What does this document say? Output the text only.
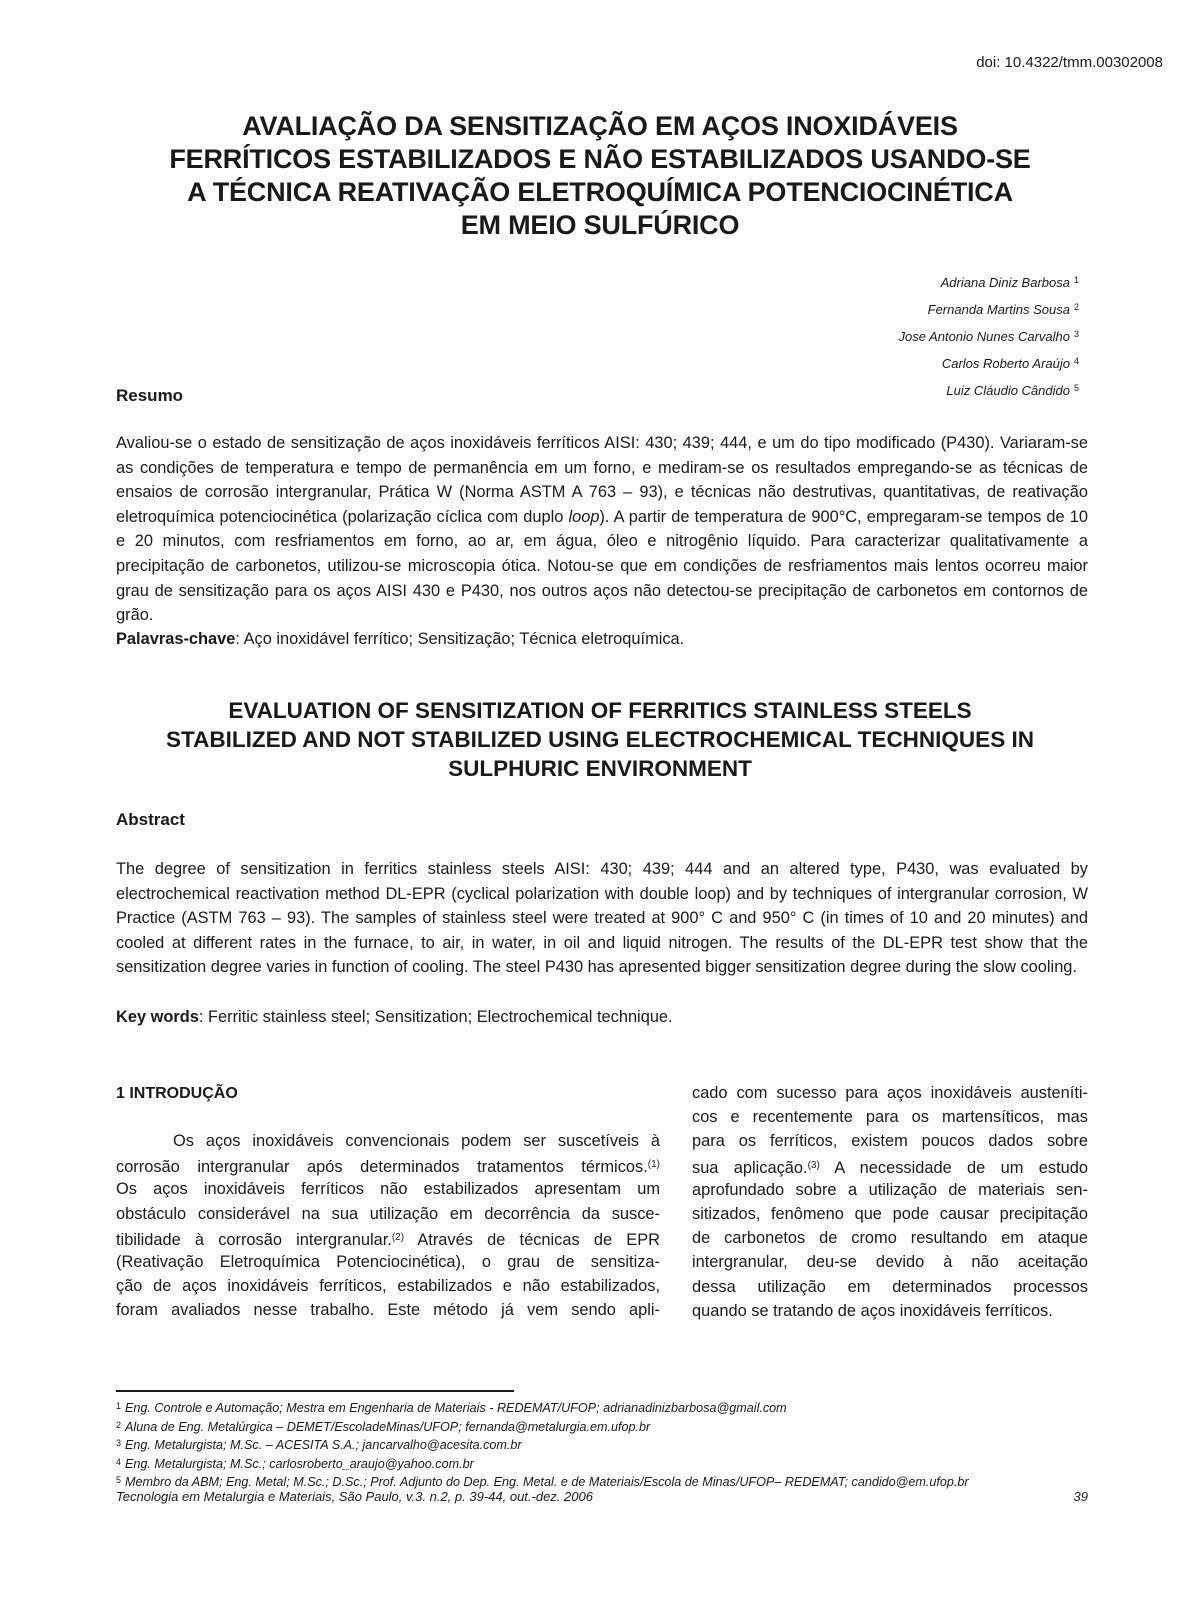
doi: 10.4322/tmm.00302008
AVALIAÇÃO DA SENSITIZAÇÃO EM AÇOS INOXIDÁVEIS
FERRÍTICOS ESTABILIZADOS E NÃO ESTABILIZADOS USANDO-SE
A TÉCNICA REATIVAÇÃO ELETROQUÍMICA POTENCIOCINÉTICA
EM MEIO SULFÚRICO
Adriana Diniz Barbosa $^1$
Fernanda Martins Sousa $^2$
Jose Antonio Nunes Carvalho $^3$
Carlos Roberto Araújo $^4$
Luiz Cláudio Cândido $^5$
Resumo
Avaliou-se o estado de sensitização de aços inoxidáveis ferríticos AISI: 430; 439; 444, e um do tipo modificado (P430). Variaram-se as condições de temperatura e tempo de permanência em um forno, e mediram-se os resultados empregando-se as técnicas de ensaios de corrosão intergranular, Prática W (Norma ASTM A 763 – 93), e técnicas não destrutivas, quantitativas, de reativação eletroquímica potenciocinética (polarização cíclica com duplo loop). A partir de temperatura de 900°C, empregaram-se tempos de 10 e 20 minutos, com resfriamentos em forno, ao ar, em água, óleo e nitrogênio líquido. Para caracterizar qualitativamente a precipitação de carbonetos, utilizou-se microscopia ótica. Notou-se que em condições de resfriamentos mais lentos ocorreu maior grau de sensitização para os aços AISI 430 e P430, nos outros aços não detectou-se precipitação de carbonetos em contornos de grão.
Palavras-chave: Aço inoxidável ferrítico; Sensitização; Técnica eletroquímica.
EVALUATION OF SENSITIZATION OF FERRITICS STAINLESS STEELS
STABILIZED AND NOT STABILIZED USING ELECTROCHEMICAL TECHNIQUES IN
SULPHURIC ENVIRONMENT
Abstract
The degree of sensitization in ferritics stainless steels AISI: 430; 439; 444 and an altered type, P430, was evaluated by electrochemical reactivation method DL-EPR (cyclical polarization with double loop) and by techniques of intergranular corrosion, W Practice (ASTM 763 – 93). The samples of stainless steel were treated at 900° C and 950° C (in times of 10 and 20 minutes) and cooled at different rates in the furnace, to air, in water, in oil and liquid nitrogen. The results of the DL-EPR test show that the sensitization degree varies in function of cooling. The steel P430 has apresented bigger sensitization degree during the slow cooling.
Key words: Ferritic stainless steel; Sensitization; Electrochemical technique.
1 INTRODUÇÃO
Os aços inoxidáveis convencionais podem ser suscetíveis à
corrosão intergranular após determinados tratamentos térmicos.$^{(1)}$
Os aços inoxidáveis ferríticos não estabilizados apresentam um
obstáculo considerável na sua utilização em decorrência da susce-
tibilidade à corrosão intergranular.$^{(2)}$ Através de técnicas de EPR
(Reativação Eletroquímica Potenciocinética), o grau de sensitiza-
ção de aços inoxidáveis ferríticos, estabilizados e não estabilizados,
foram avaliados nesse trabalho. Este método já vem sendo apli-
cado com sucesso para aços inoxidáveis austeníti-
cos e recentemente para os martensíticos, mas
para os ferríticos, existem poucos dados sobre
sua aplicação.$^{(3)}$ A necessidade de um estudo
aprofundado sobre a utilização de materiais sen-
sitizados, fenômeno que pode causar precipitação
de carbonetos de cromo resultando em ataque
intergranular, deu-se devido à não aceitação
dessa utilização em determinados processos
quando se tratando de aços inoxidáveis ferríticos.
$^1$ Eng. Controle e Automação; Mestra em Engenharia de Materiais - REDEMAT/UFOP; adrianadinizbarbosa@gmail.com
$^2$ Aluna de Eng. Metalúrgica – DEMET/EscoladeMinas/UFOP; fernanda@metalurgia.em.ufop.br
$^3$ Eng. Metalurgista; M.Sc. – ACESITA S.A.; jancarvalho@acesita.com.br
$^4$ Eng. Metalurgista; M.Sc.; carlosroberto_araujo@yahoo.com.br
$^5$ Membro da ABM; Eng. Metal; M.Sc.; D.Sc.; Prof. Adjunto do Dep. Eng. Metal. e de Materiais/Escola de Minas/UFOP– REDEMAT; candido@em.ufop.br
Tecnologia em Metalurgia e Materiais, São Paulo, v.3. n.2, p. 39-44, out.-dez. 2006	39
